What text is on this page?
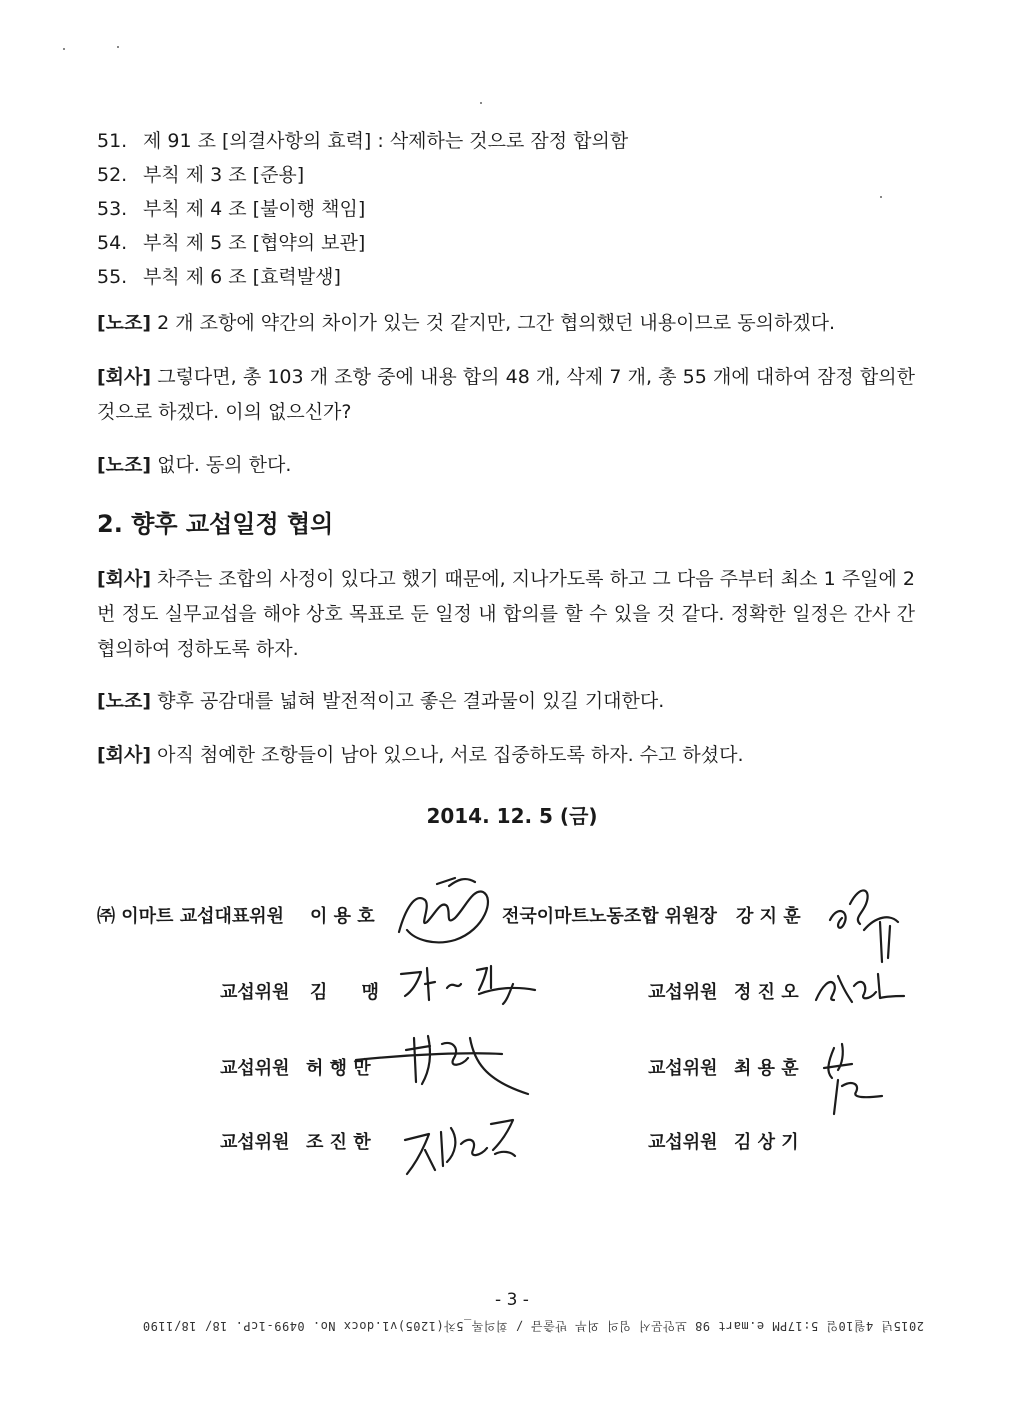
51. 제 91 조 [의결사항의 효력] : 삭제하는 것으로 잠정 합의함
52. 부칙 제 3 조 [준용]
53. 부칙 제 4 조 [불이행 책임]
54. 부칙 제 5 조 [협약의 보관]
55. 부칙 제 6 조 [효력발생]

[노조] 2 개 조항에 약간의 차이가 있는 것 같지만, 그간 협의했던 내용이므로 동의하겠다.

[회사] 그렇다면, 총 103 개 조항 중에 내용 합의 48 개, 삭제 7 개, 총 55 개에 대하여 잠정 합의한 것으로 하겠다. 이의 없으신가?

[노조] 없다. 동의 한다.

2. 향후 교섭일정 협의

[회사] 차주는 조합의 사정이 있다고 했기 때문에, 지나가도록 하고 그 다음 주부터 최소 1 주일에 2 번 정도 실무교섭을 해야 상호 목표로 둔 일정 내 합의를 할 수 있을 것 같다. 정확한 일정은 간사 간 협의하여 정하도록 하자.

[노조] 향후 공감대를 넓혀 발전적이고 좋은 결과물이 있길 기대한다.

[회사] 아직 첨예한 조항들이 남아 있으나, 서로 집중하도록 하자. 수고 하셨다.

2014. 12. 5 (금)
㈜ 이마트 교섭대표위원 이 용 호	전국이마트노동조합 위원장 강 지 훈
교섭위원 김 맹	교섭위원 정 진 오
교섭위원 허 행 만	교섭위원 최 용 훈
교섭위원 조 진 한	교섭위원 김 상 기
- 3 -
2015년 4월10일 5:17PM e.mart 98 보안문서 임의 외부 반출금 / 회의록_5차(1205)v1.docx No. 0499-1cP. 18/ 18/1190
